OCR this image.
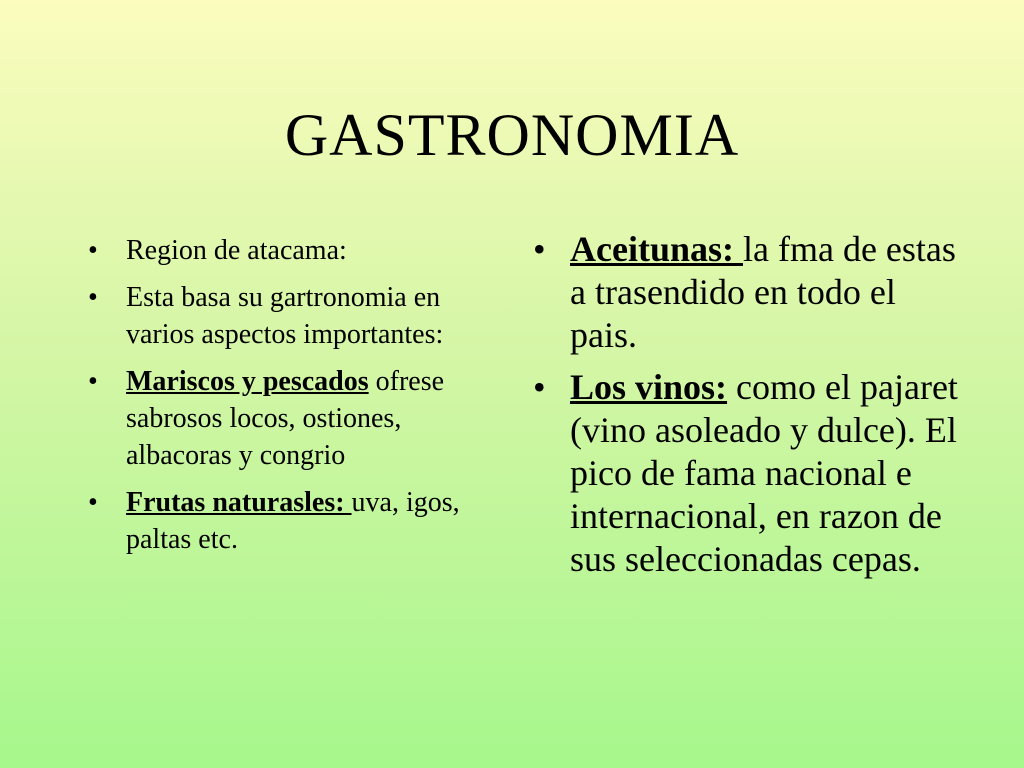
GASTRONOMIA
• Region de atacama:
• Esta basa su gartronomia en varios aspectos importantes:
• Mariscos y pescados ofrese sabrosos locos, ostiones, albacoras y congrio
• Frutas naturasles: uva, igos, paltas etc.
• Aceitunas: la fma de estas a trasendido en todo el pais.
• Los vinos: como el pajaret (vino asoleado y dulce). El pico de fama nacional e internacional, en razon de sus seleccionadas cepas.
